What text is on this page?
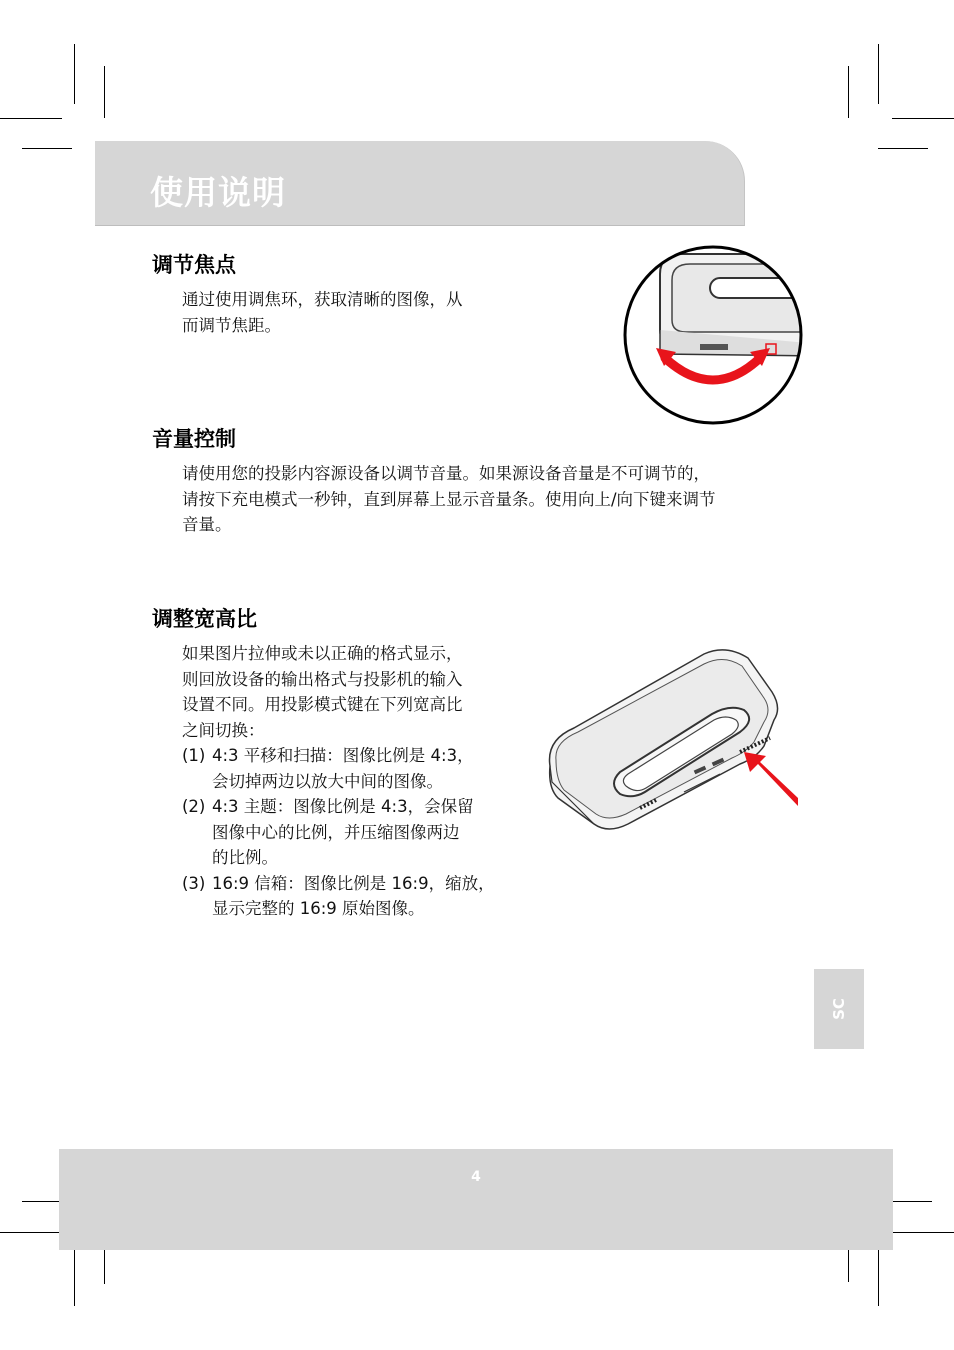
使用说明
调节焦点
通过使用调焦环，获取清晰的图像，从
而调节焦距。
音量控制
请使用您的投影内容源设备以调节音量。如果源设备音量是不可调节的，
请按下充电模式一秒钟，直到屏幕上显示音量条。使用向上/向下键来调节
音量。
调整宽高比
如果图片拉伸或未以正确的格式显示，
则回放设备的输出格式与投影机的输入
设置不同。用投影模式键在下列宽高比
之间切换：
(1) 4:3 平移和扫描：图像比例是 4:3，
会切掉两边以放大中间的图像。
(2) 4:3 主题：图像比例是 4:3，会保留
图像中心的比例，并压缩图像两边
的比例。
(3) 16:9 信箱：图像比例是 16:9，缩放，
显示完整的 16:9 原始图像。
SC
4
